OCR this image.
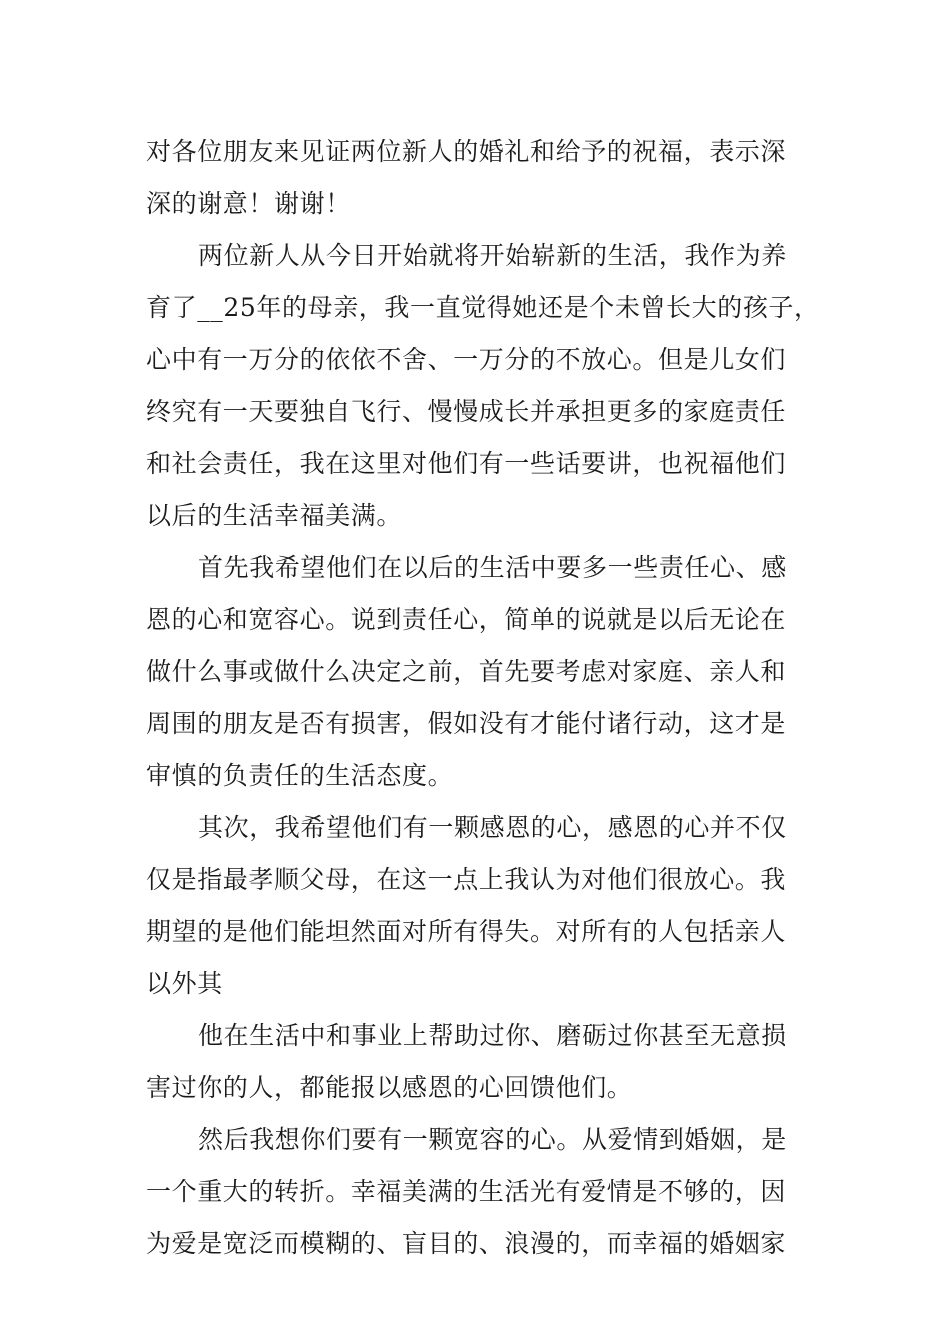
对各位朋友来见证两位新人的婚礼和给予的祝福，表示深
深的谢意！谢谢！
两位新人从今日开始就将开始崭新的生活，我作为养
育了__25年的母亲，我一直觉得她还是个未曾长大的孩子，
心中有一万分的依依不舍、一万分的不放心。但是儿女们
终究有一天要独自飞行、慢慢成长并承担更多的家庭责任
和社会责任，我在这里对他们有一些话要讲，也祝福他们
以后的生活幸福美满。
首先我希望他们在以后的生活中要多一些责任心、感
恩的心和宽容心。说到责任心，简单的说就是以后无论在
做什么事或做什么决定之前，首先要考虑对家庭、亲人和
周围的朋友是否有损害，假如没有才能付诸行动，这才是
审慎的负责任的生活态度。
其次，我希望他们有一颗感恩的心，感恩的心并不仅
仅是指最孝顺父母，在这一点上我认为对他们很放心。我
期望的是他们能坦然面对所有得失。对所有的人包括亲人
以外其
他在生活中和事业上帮助过你、磨砺过你甚至无意损
害过你的人，都能报以感恩的心回馈他们。
然后我想你们要有一颗宽容的心。从爱情到婚姻，是
一个重大的转折。幸福美满的生活光有爱情是不够的，因
为爱是宽泛而模糊的、盲目的、浪漫的，而幸福的婚姻家
